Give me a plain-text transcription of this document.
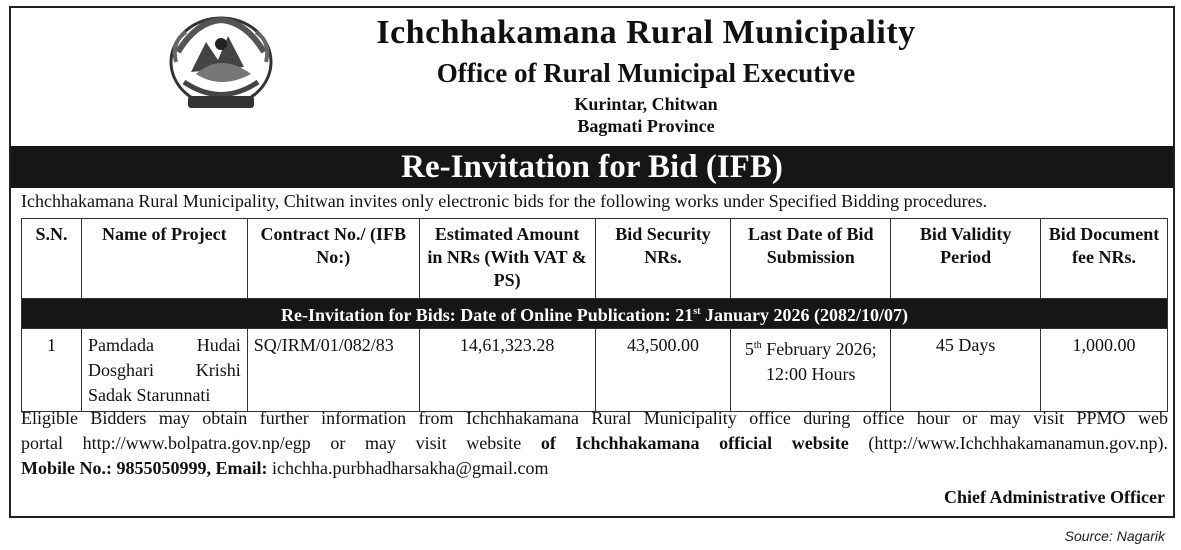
Ichchhakamana Rural Municipality
Office of Rural Municipal Executive
Kurintar, Chitwan
Bagmati Province
Re-Invitation for Bid (IFB)
Ichchhakamana Rural Municipality, Chitwan invites only electronic bids for the following works under Specified Bidding procedures.
S.N.	Name of Project	Contract No./ (IFB No:)	Estimated Amount in NRs (With VAT & PS)	Bid Security NRs.	Last Date of Bid Submission	Bid Validity Period	Bid Document fee NRs.
Re-Invitation for Bids: Date of Online Publication: 21st January 2026 (2082/10/07)							
1	Pamdada Hudai
Dosghari Krishi
Sadak Starunnati	SQ/IRM/01/082/83	14,61,323.28	43,500.00	5th February 2026;
12:00 Hours	45 Days	1,000.00
Eligible Bidders may obtain further information from Ichchhakamana Rural Municipality office during office hour or may visit PPMO web
portal http://www.bolpatra.gov.np/egp or may visit website of Ichchhakamana official website (http://www.Ichchhakamanamun.gov.np).
Mobile No.: 9855050999, Email: ichchha.purbhadharsakha@gmail.com
Chief Administrative Officer
Source: Nagarik
